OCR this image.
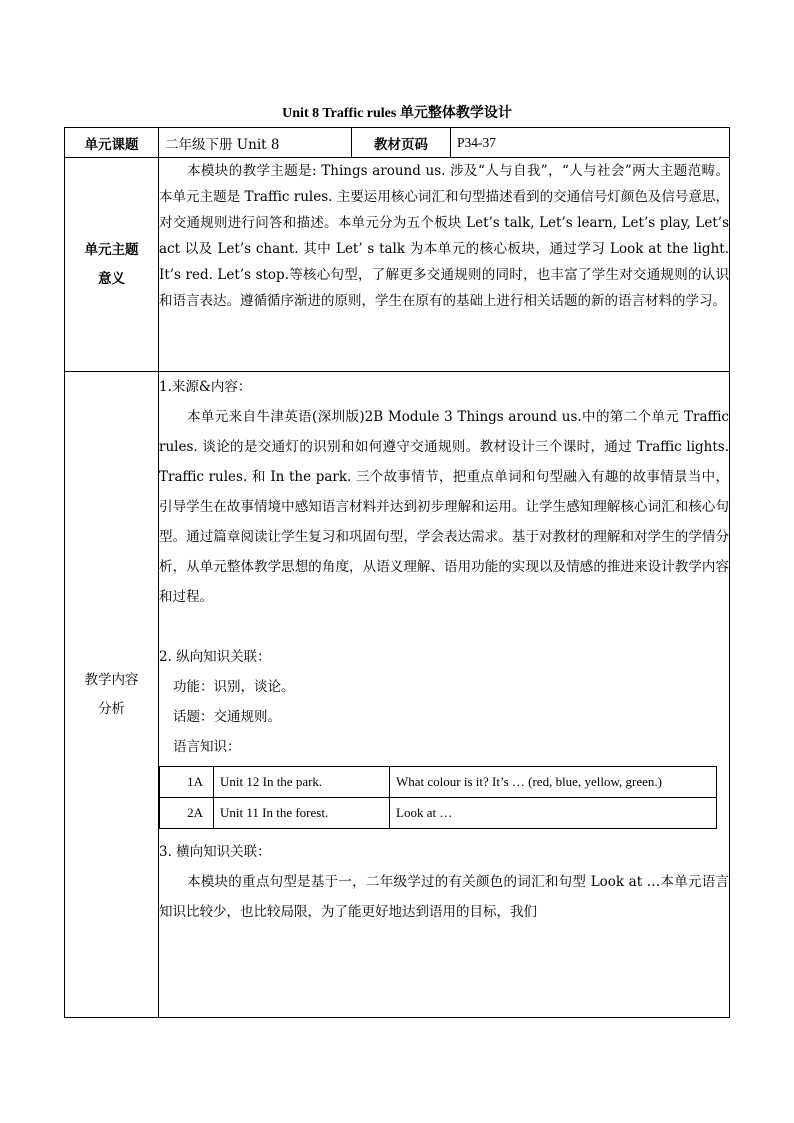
Unit 8 Traffic rules 单元整体教学设计
单元课题	二年级下册 Unit 8	教材页码	P34-37

单元主题
意义

本模块的教学主题是: Things around us. 涉及“人与自我”，“人与社会”两大主题范畴。本单元主题是 Traffic rules. 主要运用核心词汇和句型描述看到的交通信号灯颜色及信号意思，对交通规则进行问答和描述。本单元分为五个板块 Let’s talk, Let’s learn, Let’s play, Let’s act 以及 Let’s chant. 其中 Let’ s talk 为本单元的核心板块，通过学习 Look at the light. It’s red. Let’s stop.等核心句型，了解更多交通规则的同时，也丰富了学生对交通规则的认识和语言表达。遵循循序渐进的原则，学生在原有的基础上进行相关话题的新的语言材料的学习。

教学内容
分析

1.来源&内容：

本单元来自牛津英语(深圳版)2B Module 3 Things around us.中的第二个单元 Traffic rules. 谈论的是交通灯的识别和如何遵守交通规则。教材设计三个课时，通过 Traffic lights. Traffic rules. 和 In the park. 三个故事情节，把重点单词和句型融入有趣的故事情景当中，引导学生在故事情境中感知语言材料并达到初步理解和运用。让学生感知理解核心词汇和核心句型。通过篇章阅读让学生复习和巩固句型，学会表达需求。基于对教材的理解和对学生的学情分析，从单元整体教学思想的角度，从语义理解、语用功能的实现以及情感的推进来设计教学内容和过程。

2. 纵向知识关联：

功能：识别，谈论。

话题：交通规则。

语言知识：

1A	Unit 12 In the park.	What colour is it? It’s … (red, blue, yellow, green.)
2A	Unit 11 In the forest.	Look at …

3. 横向知识关联：

本模块的重点句型是基于一，二年级学过的有关颜色的词汇和句型 Look at …本单元语言知识比较少，也比较局限，为了能更好地达到语用的目标，我们
